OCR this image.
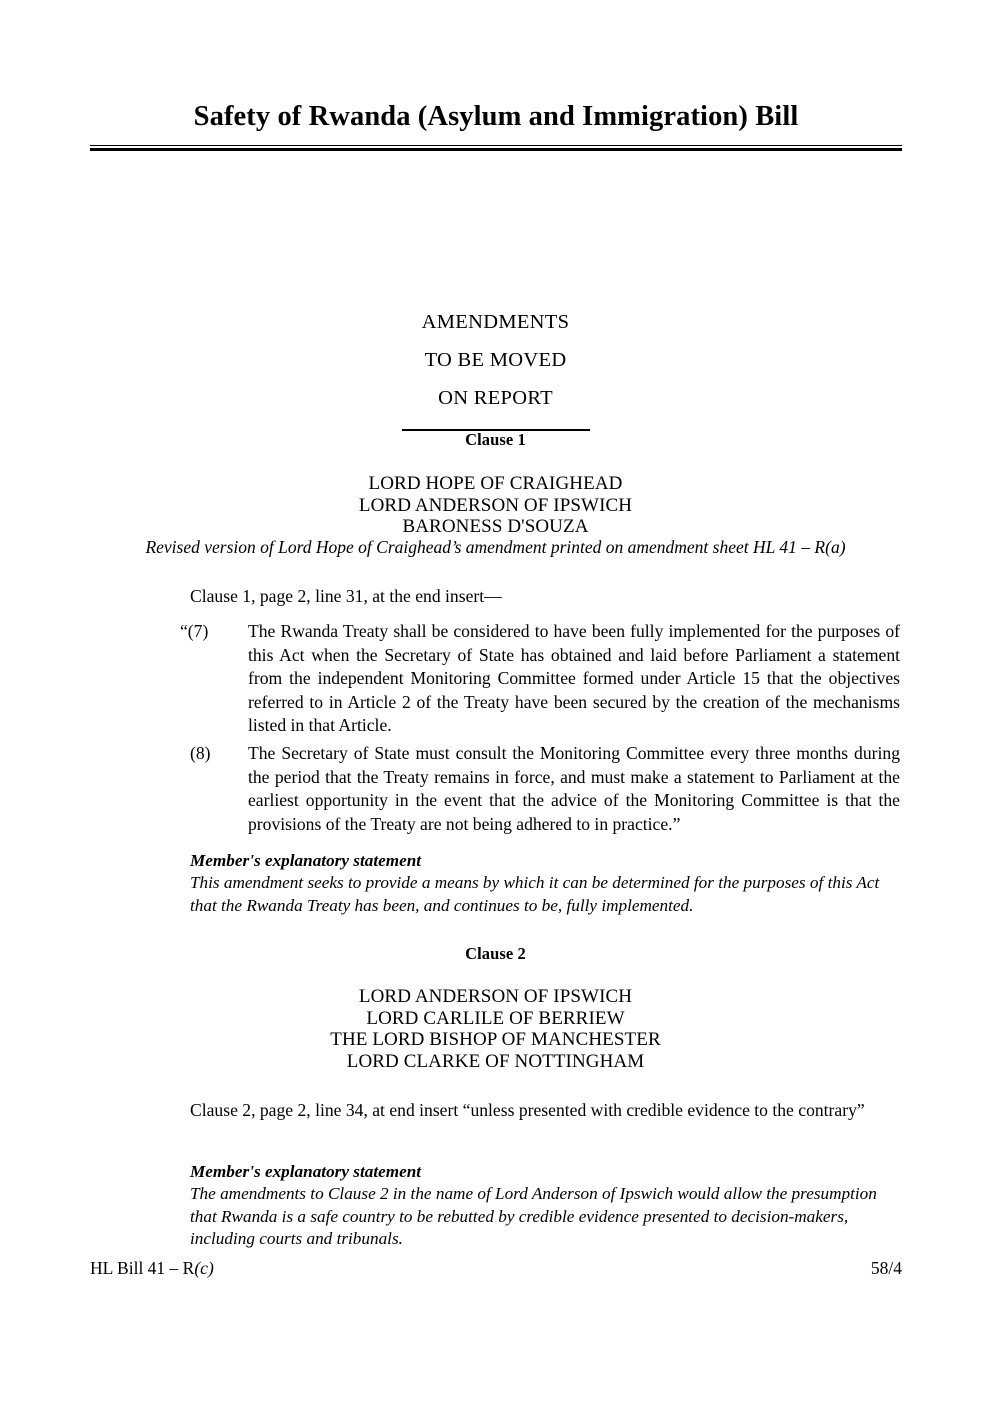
Safety of Rwanda (Asylum and Immigration) Bill
AMENDMENTS
TO BE MOVED
ON REPORT
Clause 1
LORD HOPE OF CRAIGHEAD
LORD ANDERSON OF IPSWICH
BARONESS D'SOUZA
Revised version of Lord Hope of Craighead’s amendment printed on amendment sheet HL 41 – R(a)
Clause 1, page 2, line 31, at the end insert—
“(7)	The Rwanda Treaty shall be considered to have been fully implemented for the purposes of this Act when the Secretary of State has obtained and laid before Parliament a statement from the independent Monitoring Committee formed under Article 15 that the objectives referred to in Article 2 of the Treaty have been secured by the creation of the mechanisms listed in that Article.
(8)	The Secretary of State must consult the Monitoring Committee every three months during the period that the Treaty remains in force, and must make a statement to Parliament at the earliest opportunity in the event that the advice of the Monitoring Committee is that the provisions of the Treaty are not being adhered to in practice.”
Member's explanatory statement
This amendment seeks to provide a means by which it can be determined for the purposes of this Act that the Rwanda Treaty has been, and continues to be, fully implemented.
Clause 2
LORD ANDERSON OF IPSWICH
LORD CARLILE OF BERRIEW
THE LORD BISHOP OF MANCHESTER
LORD CLARKE OF NOTTINGHAM
Clause 2, page 2, line 34, at end insert “unless presented with credible evidence to the contrary”
Member's explanatory statement
The amendments to Clause 2 in the name of Lord Anderson of Ipswich would allow the presumption that Rwanda is a safe country to be rebutted by credible evidence presented to decision-makers, including courts and tribunals.
HL Bill 41 – R(c)	58/4
